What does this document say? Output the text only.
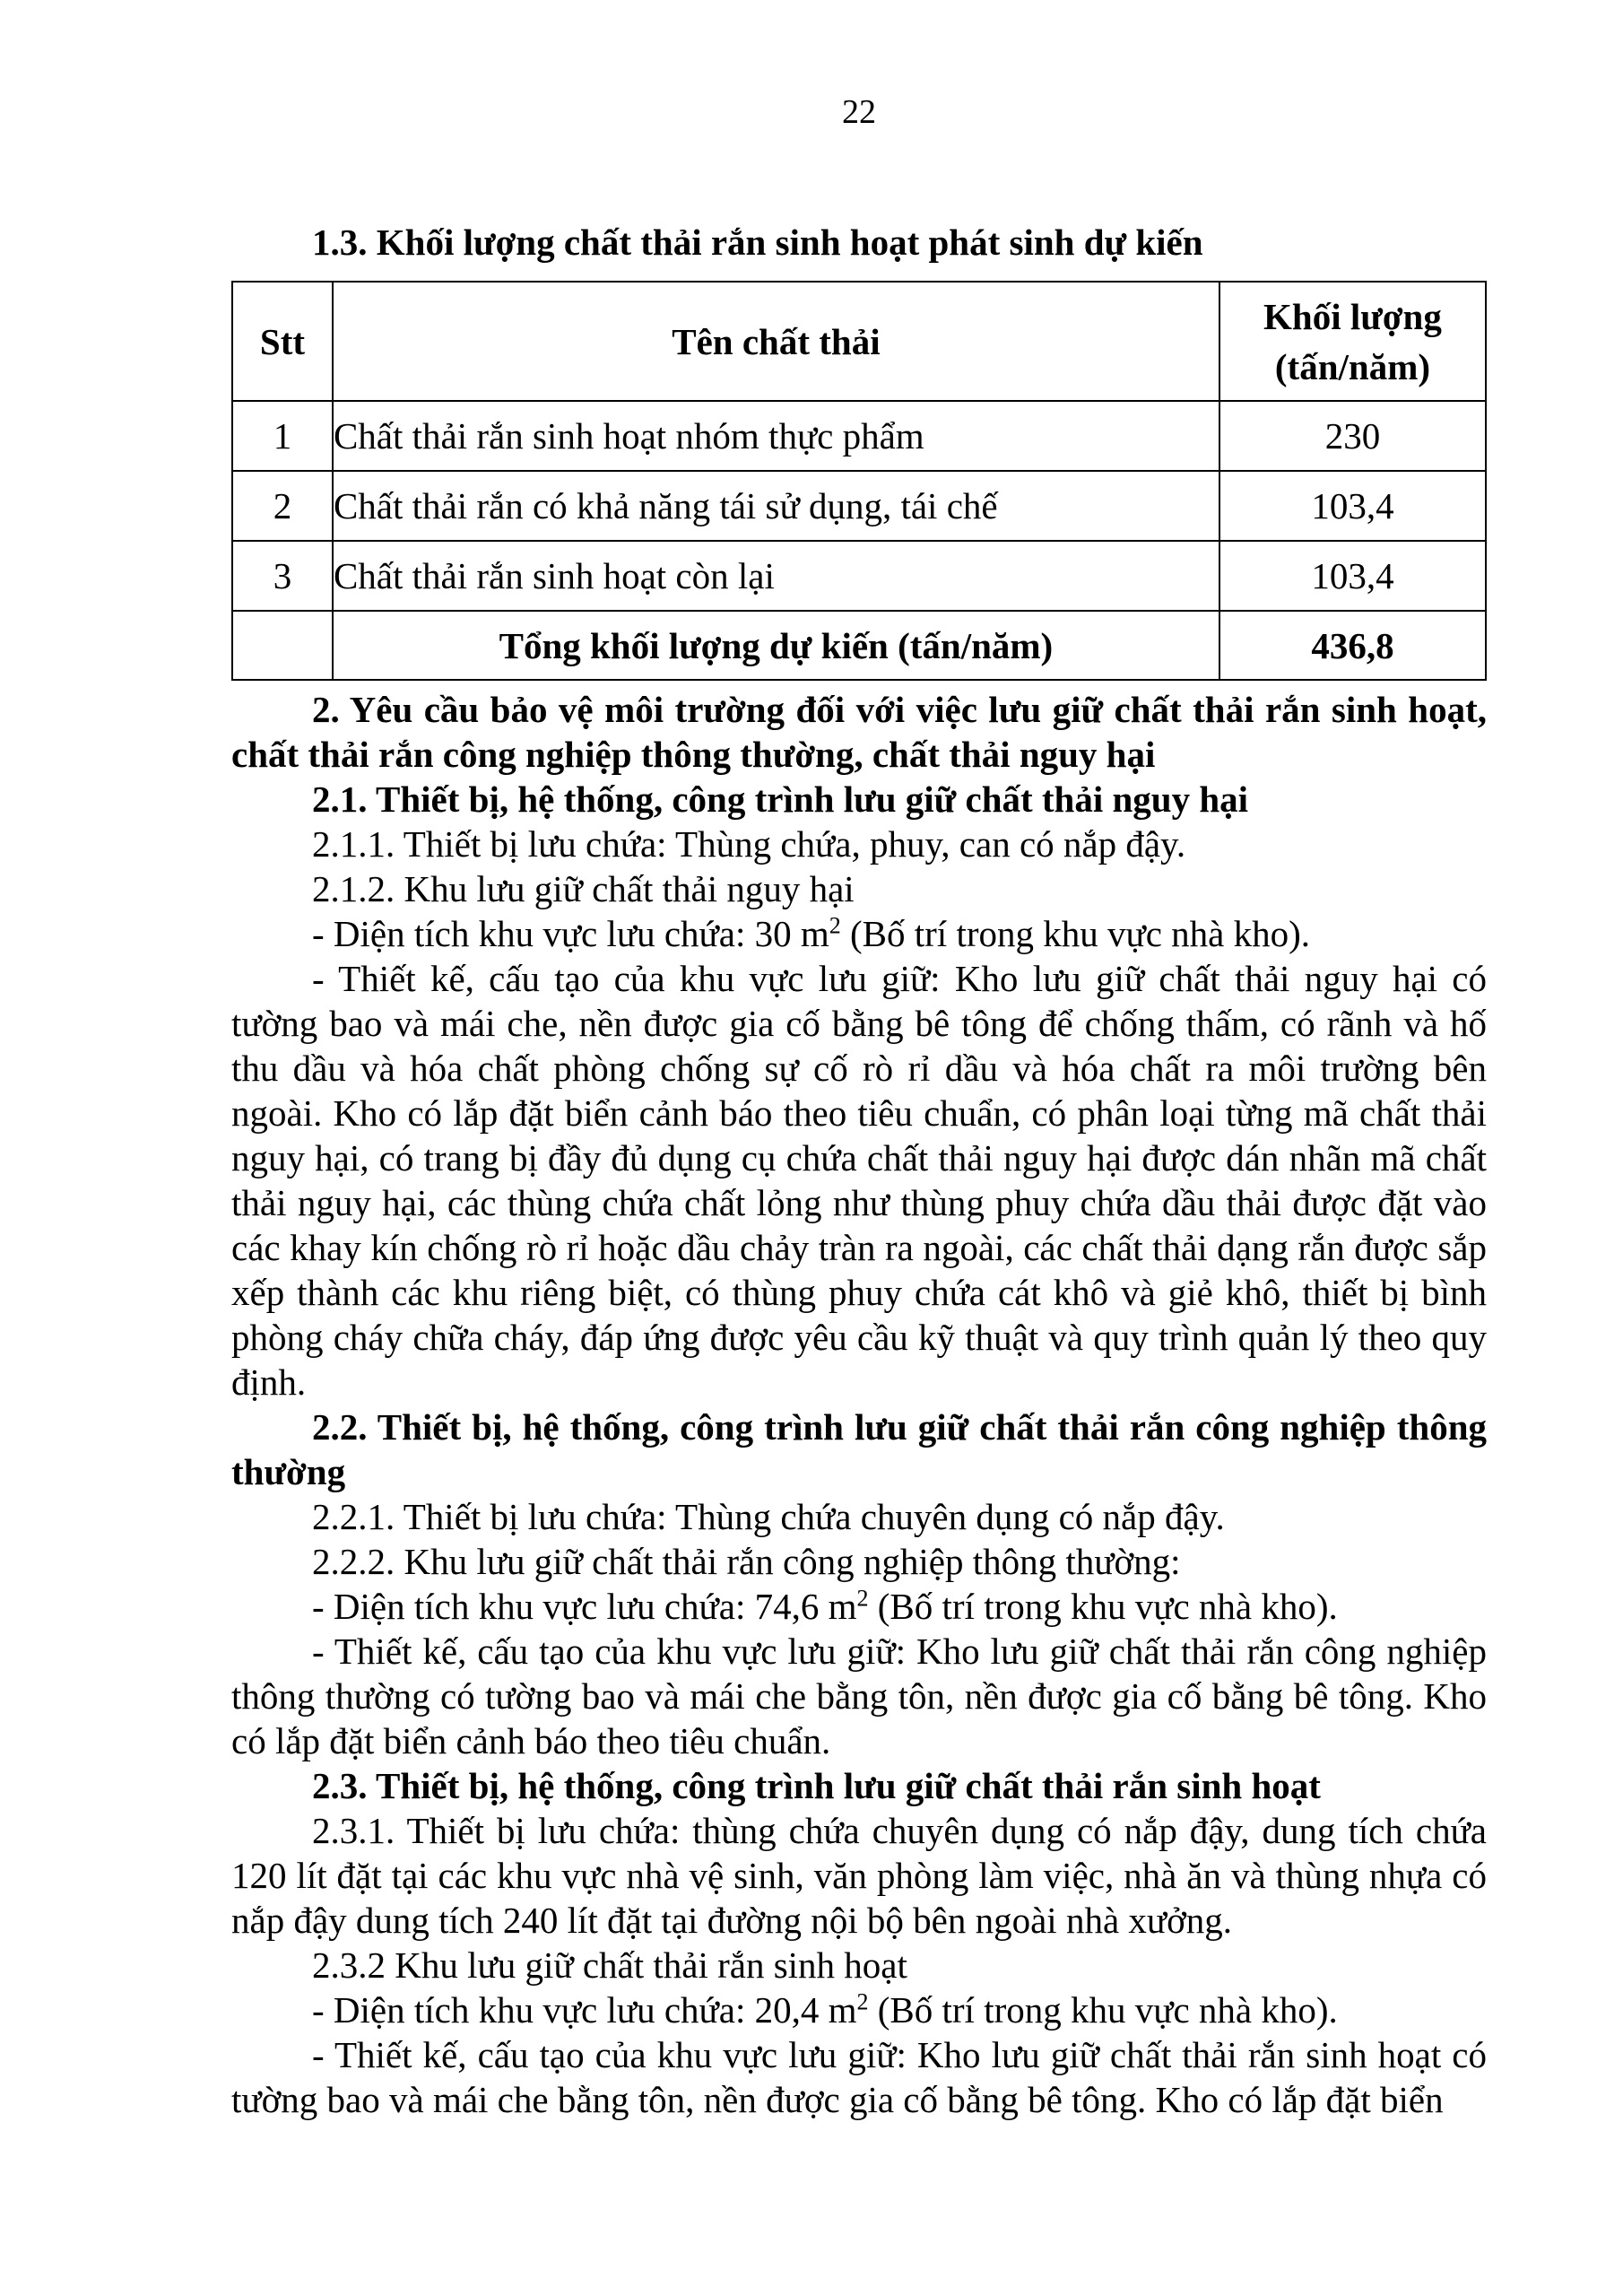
22
1.3. Khối lượng chất thải rắn sinh hoạt phát sinh dự kiến
Stt	Tên chất thải	Khối lượng
(tấn/năm)

1	Chất thải rắn sinh hoạt nhóm thực phẩm	230
2	Chất thải rắn có khả năng tái sử dụng, tái chế	103,4
3	Chất thải rắn sinh hoạt còn lại	103,4
	Tổng khối lượng dự kiến (tấn/năm)	436,8

2. Yêu cầu bảo vệ môi trường đối với việc lưu giữ chất thải rắn sinh hoạt, chất thải rắn công nghiệp thông thường, chất thải nguy hại

2.1. Thiết bị, hệ thống, công trình lưu giữ chất thải nguy hại

2.1.1. Thiết bị lưu chứa: Thùng chứa, phuy, can có nắp đậy.

2.1.2. Khu lưu giữ chất thải nguy hại

- Diện tích khu vực lưu chứa: 30 $m^2$ (Bố trí trong khu vực nhà kho).

- Thiết kế, cấu tạo của khu vực lưu giữ: Kho lưu giữ chất thải nguy hại có tường bao và mái che, nền được gia cố bằng bê tông để chống thấm, có rãnh và hố thu dầu và hóa chất phòng chống sự cố rò rỉ dầu và hóa chất ra môi trường bên ngoài. Kho có lắp đặt biển cảnh báo theo tiêu chuẩn, có phân loại từng mã chất thải nguy hại, có trang bị đầy đủ dụng cụ chứa chất thải nguy hại được dán nhãn mã chất thải nguy hại, các thùng chứa chất lỏng như thùng phuy chứa dầu thải được đặt vào các khay kín chống rò rỉ hoặc dầu chảy tràn ra ngoài, các chất thải dạng rắn được sắp xếp thành các khu riêng biệt, có thùng phuy chứa cát khô và giẻ khô, thiết bị bình phòng cháy chữa cháy, đáp ứng được yêu cầu kỹ thuật và quy trình quản lý theo quy định.

2.2. Thiết bị, hệ thống, công trình lưu giữ chất thải rắn công nghiệp thông thường

2.2.1. Thiết bị lưu chứa: Thùng chứa chuyên dụng có nắp đậy.

2.2.2. Khu lưu giữ chất thải rắn công nghiệp thông thường:

- Diện tích khu vực lưu chứa: 74,6 $m^2$ (Bố trí trong khu vực nhà kho).

- Thiết kế, cấu tạo của khu vực lưu giữ: Kho lưu giữ chất thải rắn công nghiệp thông thường có tường bao và mái che bằng tôn, nền được gia cố bằng bê tông. Kho có lắp đặt biển cảnh báo theo tiêu chuẩn.

2.3. Thiết bị, hệ thống, công trình lưu giữ chất thải rắn sinh hoạt

2.3.1. Thiết bị lưu chứa: thùng chứa chuyên dụng có nắp đậy, dung tích chứa 120 lít đặt tại các khu vực nhà vệ sinh, văn phòng làm việc, nhà ăn và thùng nhựa có nắp đậy dung tích 240 lít đặt tại đường nội bộ bên ngoài nhà xưởng.

2.3.2 Khu lưu giữ chất thải rắn sinh hoạt

- Diện tích khu vực lưu chứa: 20,4 $m^2$ (Bố trí trong khu vực nhà kho).

- Thiết kế, cấu tạo của khu vực lưu giữ: Kho lưu giữ chất thải rắn sinh hoạt có tường bao và mái che bằng tôn, nền được gia cố bằng bê tông. Kho có lắp đặt biển
